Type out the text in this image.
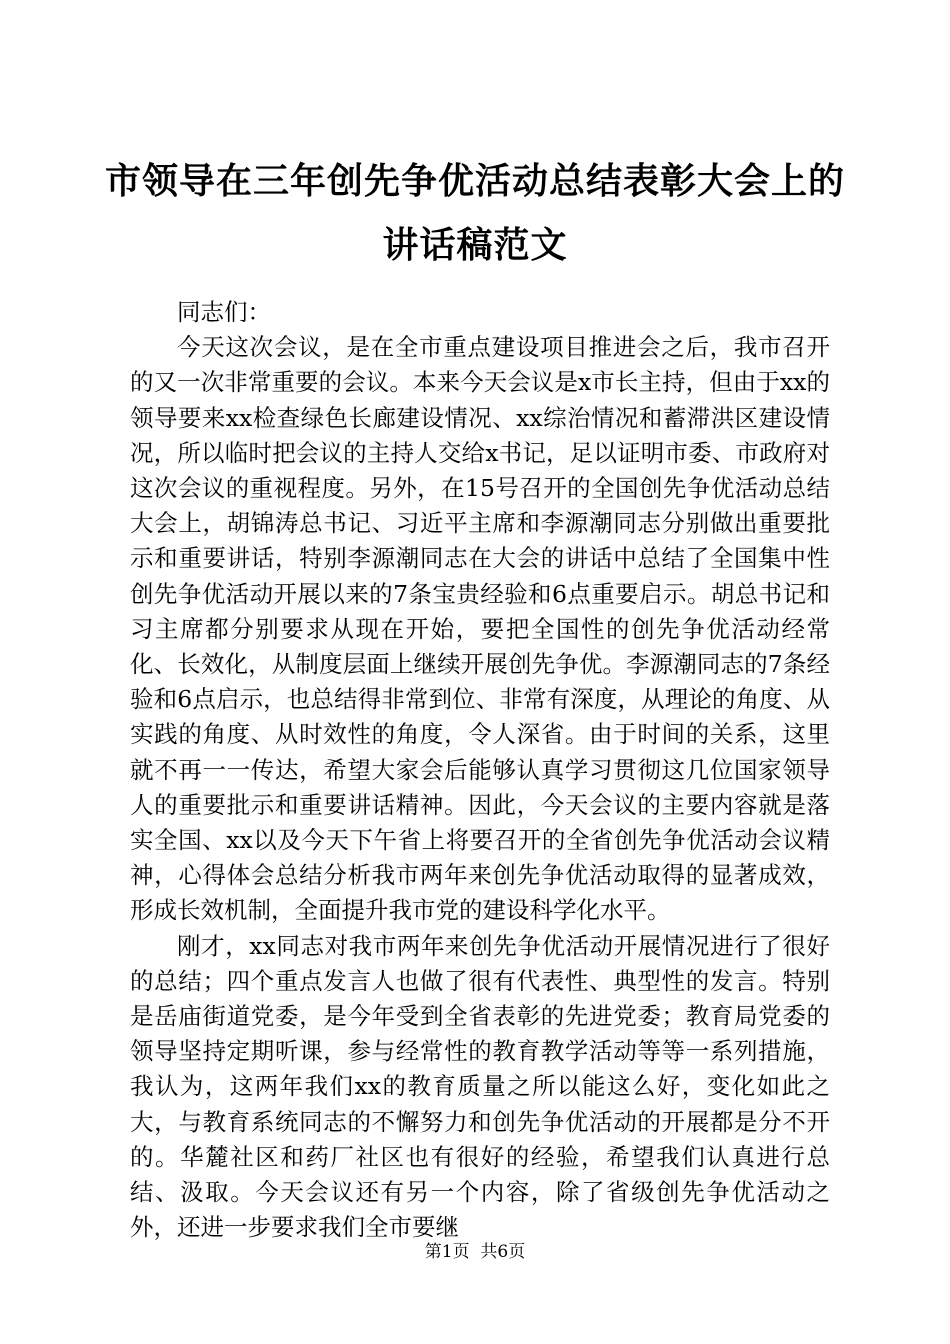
市领导在三年创先争优活动总结表彰大会上的
讲话稿范文

同志们：

今天这次会议，是在全市重点建设项目推进会之后，我市召开的又一次非常重要的会议。本来今天会议是x市长主持，但由于xx的领导要来xx检查绿色长廊建设情况、xx综治情况和蓄滞洪区建设情况，所以临时把会议的主持人交给x书记，足以证明市委、市政府对这次会议的重视程度。另外，在15号召开的全国创先争优活动总结大会上，胡锦涛总书记、习近平主席和李源潮同志分别做出重要批示和重要讲话，特别李源潮同志在大会的讲话中总结了全国集中性创先争优活动开展以来的7条宝贵经验和6点重要启示。胡总书记和习主席都分别要求从现在开始，要把全国性的创先争优活动经常化、长效化，从制度层面上继续开展创先争优。李源潮同志的7条经验和6点启示，也总结得非常到位、非常有深度，从理论的角度、从实践的角度、从时效性的角度，令人深省。由于时间的关系，这里就不再一一传达，希望大家会后能够认真学习贯彻这几位国家领导人的重要批示和重要讲话精神。因此，今天会议的主要内容就是落实全国、xx以及今天下午省上将要召开的全省创先争优活动会议精神，心得体会总结分析我市两年来创先争优活动取得的显著成效，形成长效机制，全面提升我市党的建设科学化水平。

刚才，xx同志对我市两年来创先争优活动开展情况进行了很好的总结；四个重点发言人也做了很有代表性、典型性的发言。特别是岳庙街道党委，是今年受到全省表彰的先进党委；教育局党委的领导坚持定期听课，参与经常性的教育教学活动等等一系列措施，我认为，这两年我们xx的教育质量之所以能这么好，变化如此之大，与教育系统同志的不懈努力和创先争优活动的开展都是分不开的。华麓社区和药厂社区也有很好的经验，希望我们认真进行总结、汲取。今天会议还有另一个内容，除了省级创先争优活动之外，还进一步要求我们全市要继

第1页 共6页
